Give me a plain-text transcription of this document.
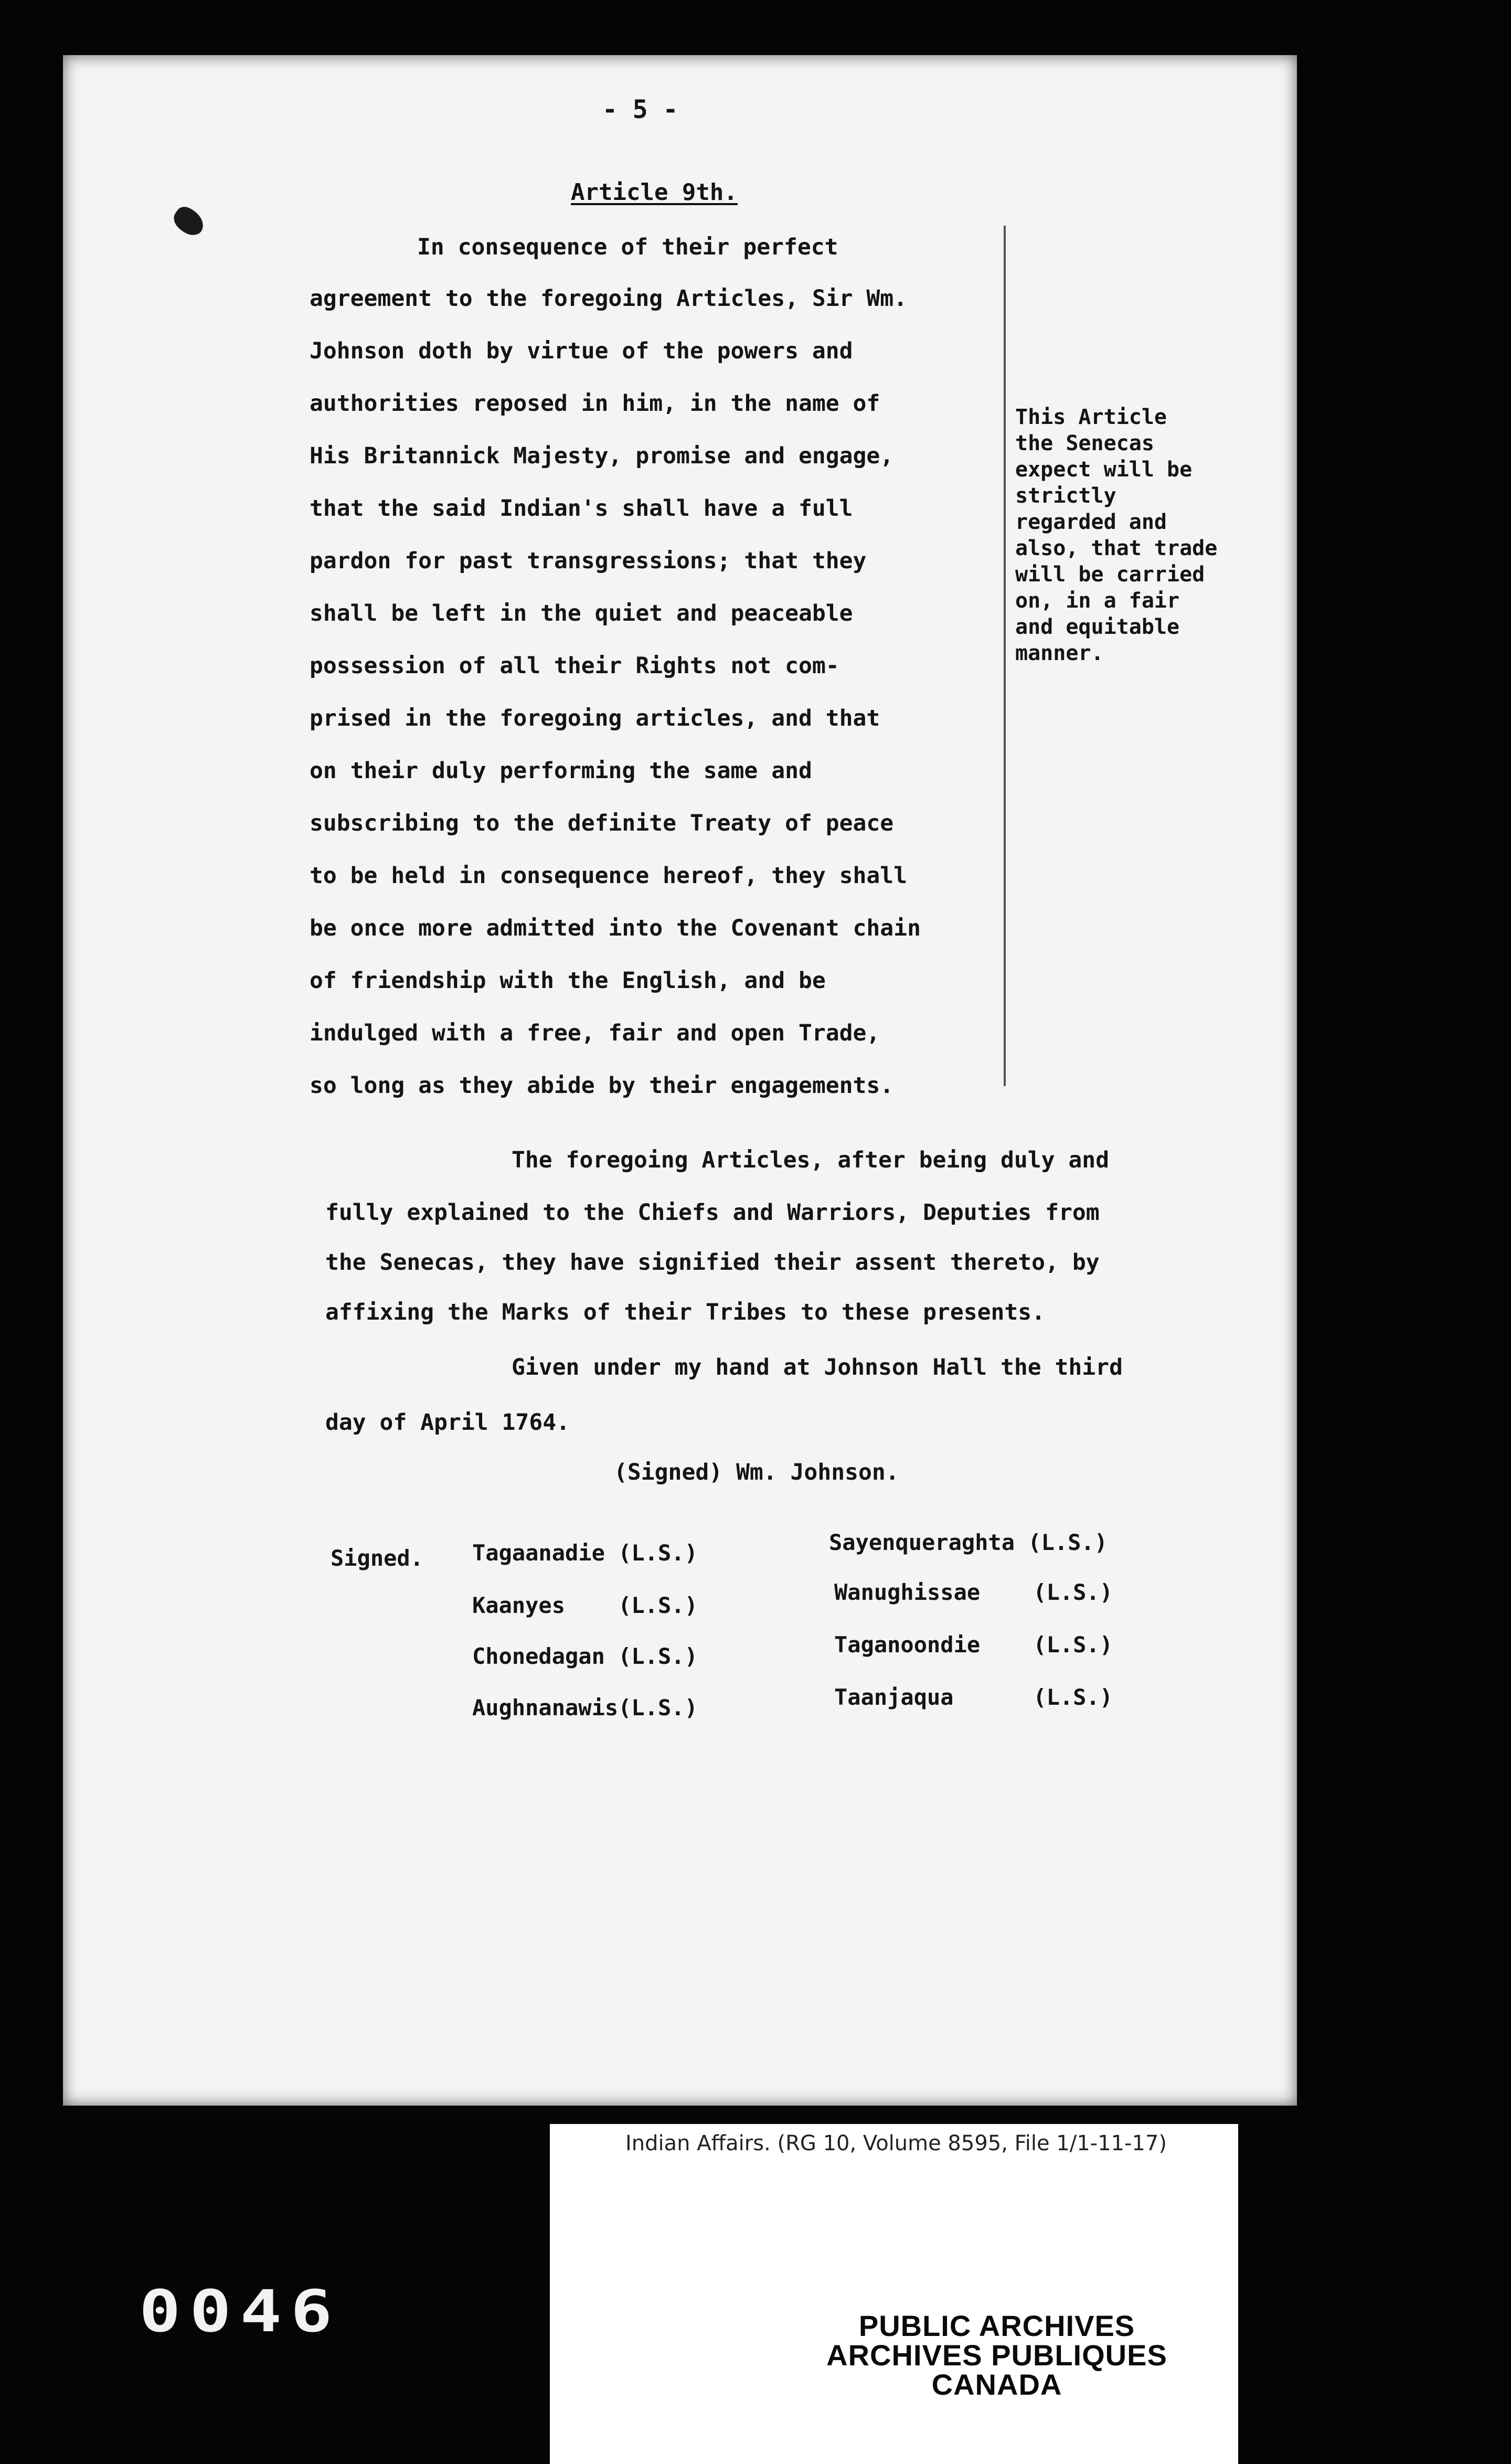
- 5 -
Article 9th.
In consequence of their perfect
agreement to the foregoing Articles, Sir Wm.
Johnson doth by virtue of the powers and
authorities reposed in him, in the name of
His Britannick Majesty, promise and engage,
that the said Indian's shall have a full
pardon for past transgressions; that they
shall be left in the quiet and peaceable
possession of all their Rights not com-
prised in the foregoing articles, and that
on their duly performing the same and
subscribing to the definite Treaty of peace
to be held in consequence hereof, they shall
be once more admitted into the Covenant chain
of friendship with the English, and be
indulged with a free, fair and open Trade,
so long as they abide by their engagements.
This Article
the Senecas
expect will be
strictly
regarded and
also, that trade
will be carried
on, in a fair
and equitable
manner.
The foregoing Articles, after being duly and
fully explained to the Chiefs and Warriors, Deputies from
the Senecas, they have signified their assent thereto, by
affixing the Marks of their Tribes to these presents.
Given under my hand at Johnson Hall the third
day of April 1764.
(Signed) Wm. Johnson.
Signed. Tagaanadie (L.S.)
Kaanyes    (L.S.)
Chonedagan (L.S.)
Aughnanawis(L.S.)
Sayenqueraghta (L.S.)
Wanughissae    (L.S.)
Taganoondie    (L.S.)
Taanjaqua      (L.S.)
Indian Affairs. (RG 10, Volume 8595, File 1/1-11-17)
PUBLIC ARCHIVES
ARCHIVES PUBLIQUES
CANADA
0046
